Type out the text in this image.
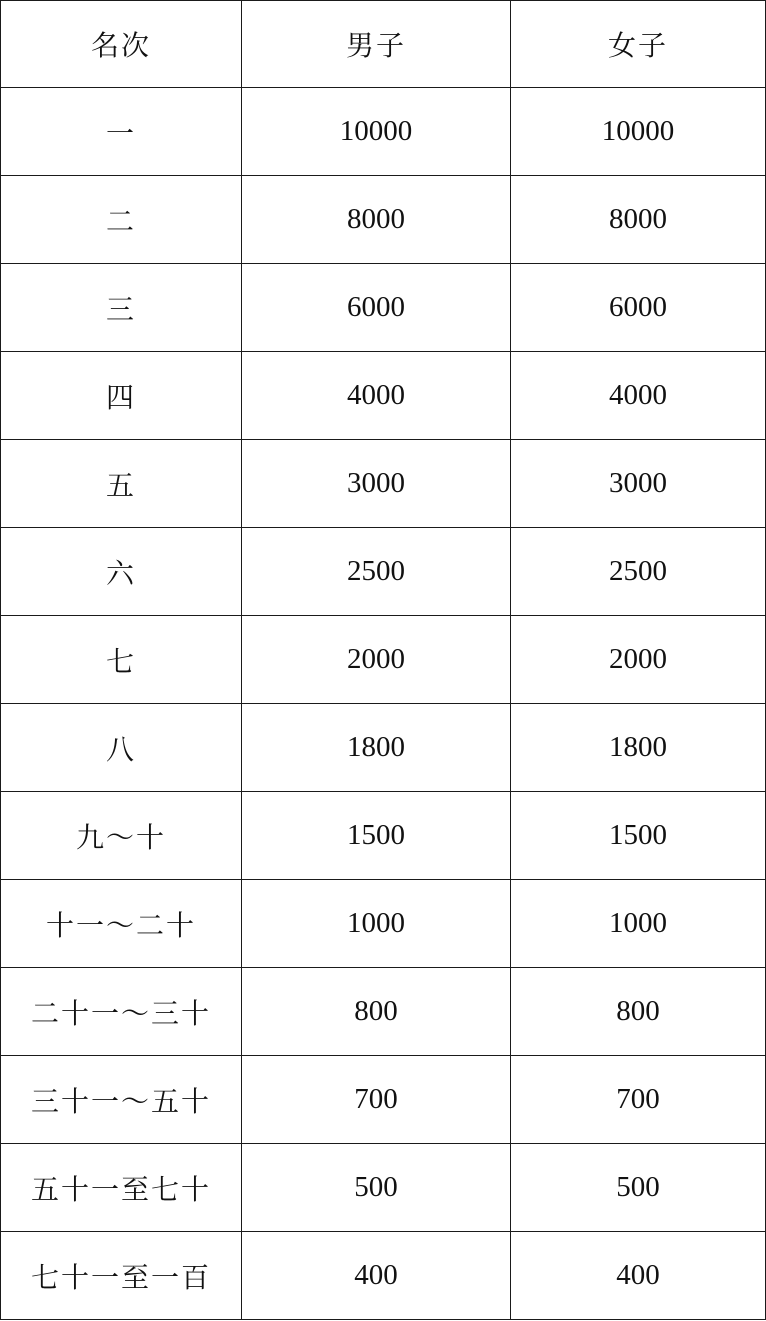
名次	男子	女子
一	10000	10000
二	8000	8000
三	6000	6000
四	4000	4000
五	3000	3000
六	2500	2500
七	2000	2000
八	1800	1800
九～十	1500	1500
十一～二十	1000	1000
二十一～三十	800	800
三十一～五十	700	700
五十一至七十	500	500
七十一至一百	400	400
